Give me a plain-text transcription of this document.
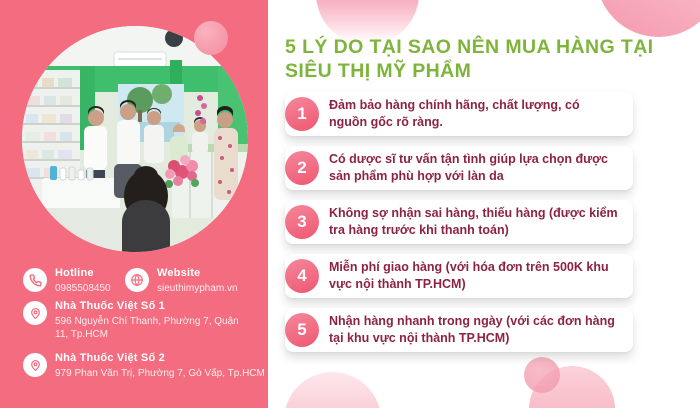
Hotline
0985508450
Website
sieuthimypham.vn
Nhà Thuốc Việt Số 1
596 Nguyễn Chí Thanh, Phường 7, Quận 11, Tp.HCM
Nhà Thuốc Việt Số 2
979 Phan Văn Trị, Phường 7, Gò Vấp, Tp.HCM
5 LÝ DO TẠI SAO NÊN MUA HÀNG TẠI
SIÊU THỊ MỸ PHẨM
1	Đảm bảo hàng chính hãng, chất lượng, có nguồn gốc rõ ràng.
2	Có dược sĩ tư vấn tận tình giúp lựa chọn được sản phẩm phù hợp với làn da
3	Không sợ nhận sai hàng, thiếu hàng (được kiểm tra hàng trước khi thanh toán)
4	Miễn phí giao hàng (với hóa đơn trên 500K khu vực nội thành TP.HCM)
5	Nhận hàng nhanh trong ngày (với các đơn hàng tại khu vực nội thành TP.HCM)
